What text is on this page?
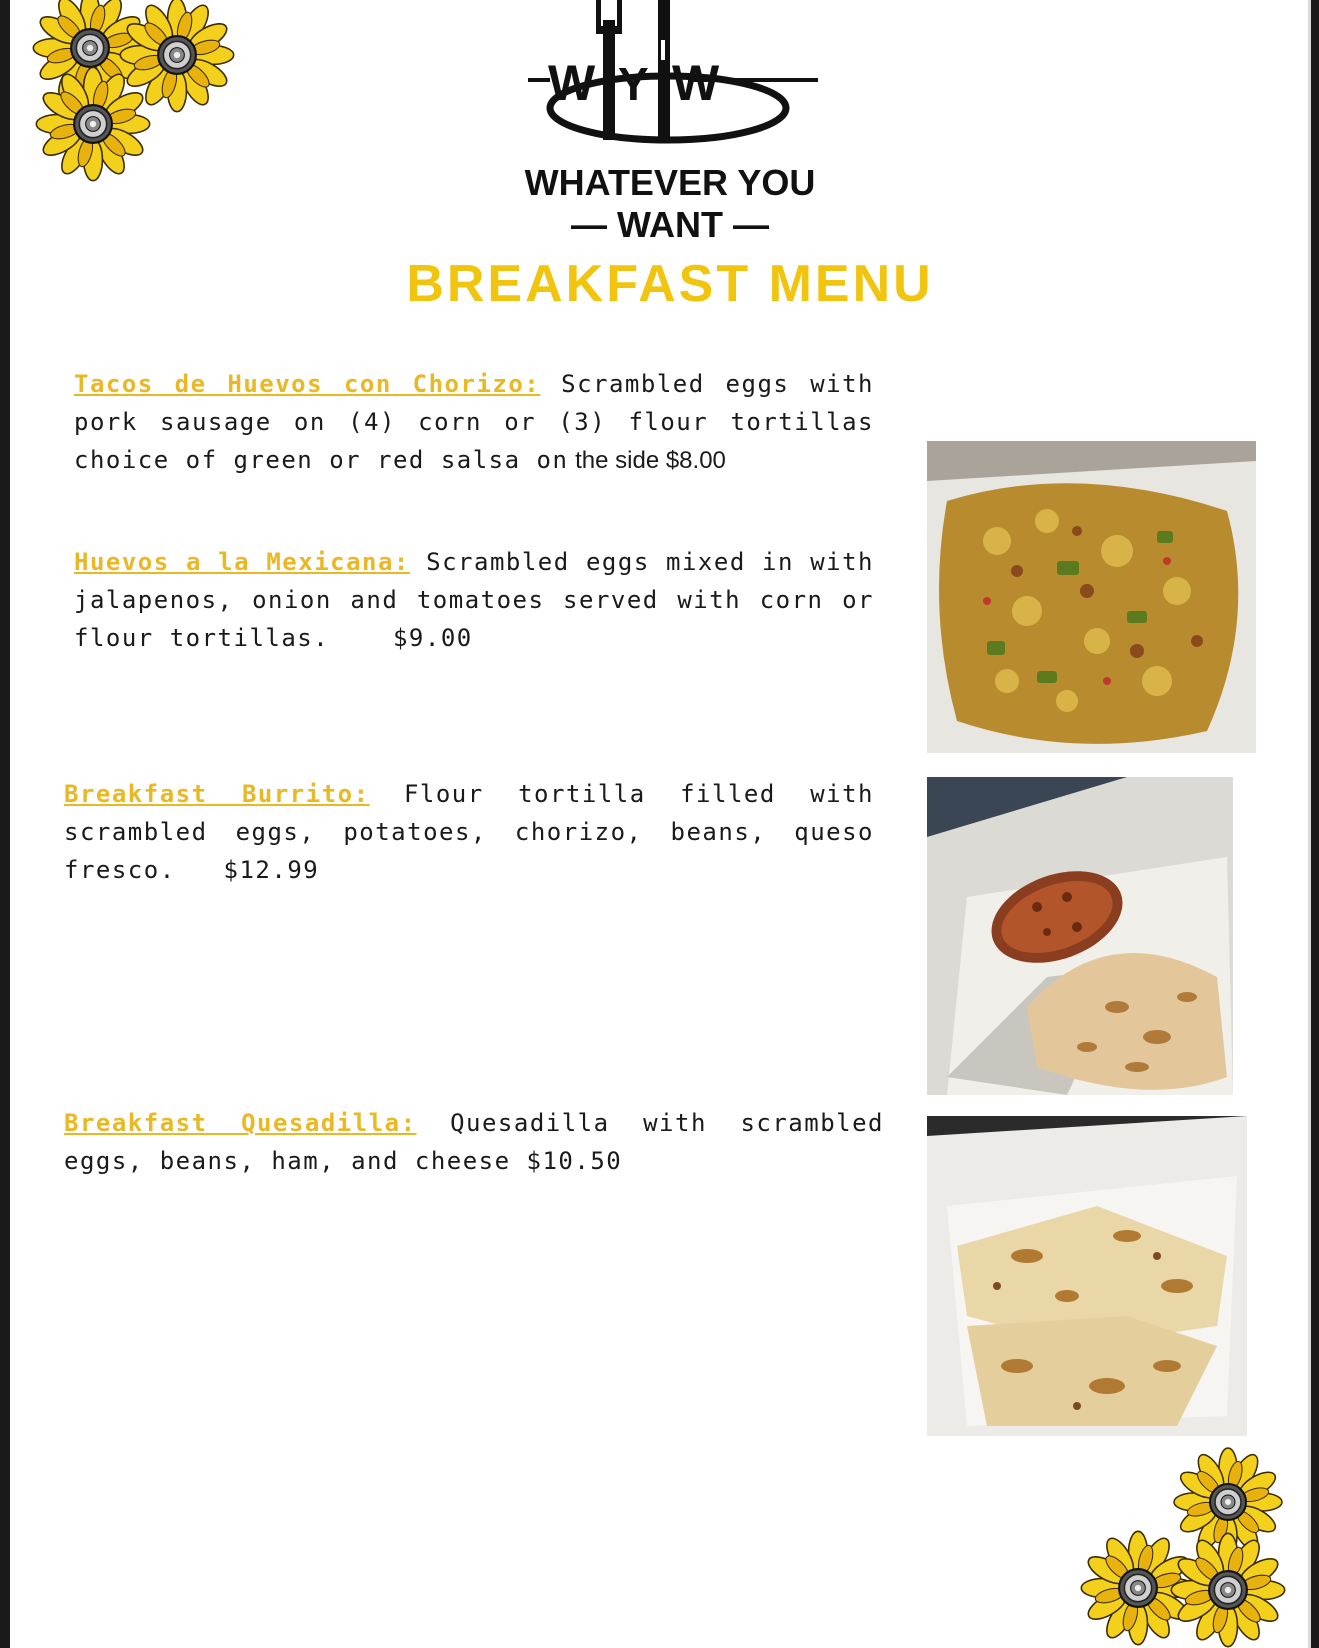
W Y W
WHATEVER YOU
— WANT —
BREAKFAST MENU
Tacos de Huevos con Chorizo: Scrambled eggs with pork sausage on (4) corn or (3) flour tortillas choice of green or red salsa on the side $8.00
Huevos a la Mexicana: Scrambled eggs mixed in with jalapenos, onion and tomatoes served with corn or flour tortillas.	$9.00
Breakfast Burrito: Flour tortilla filled with scrambled eggs, potatoes, chorizo, beans, queso fresco. $12.99
Breakfast Quesadilla: Quesadilla with scrambled eggs, beans, ham, and cheese $10.50
